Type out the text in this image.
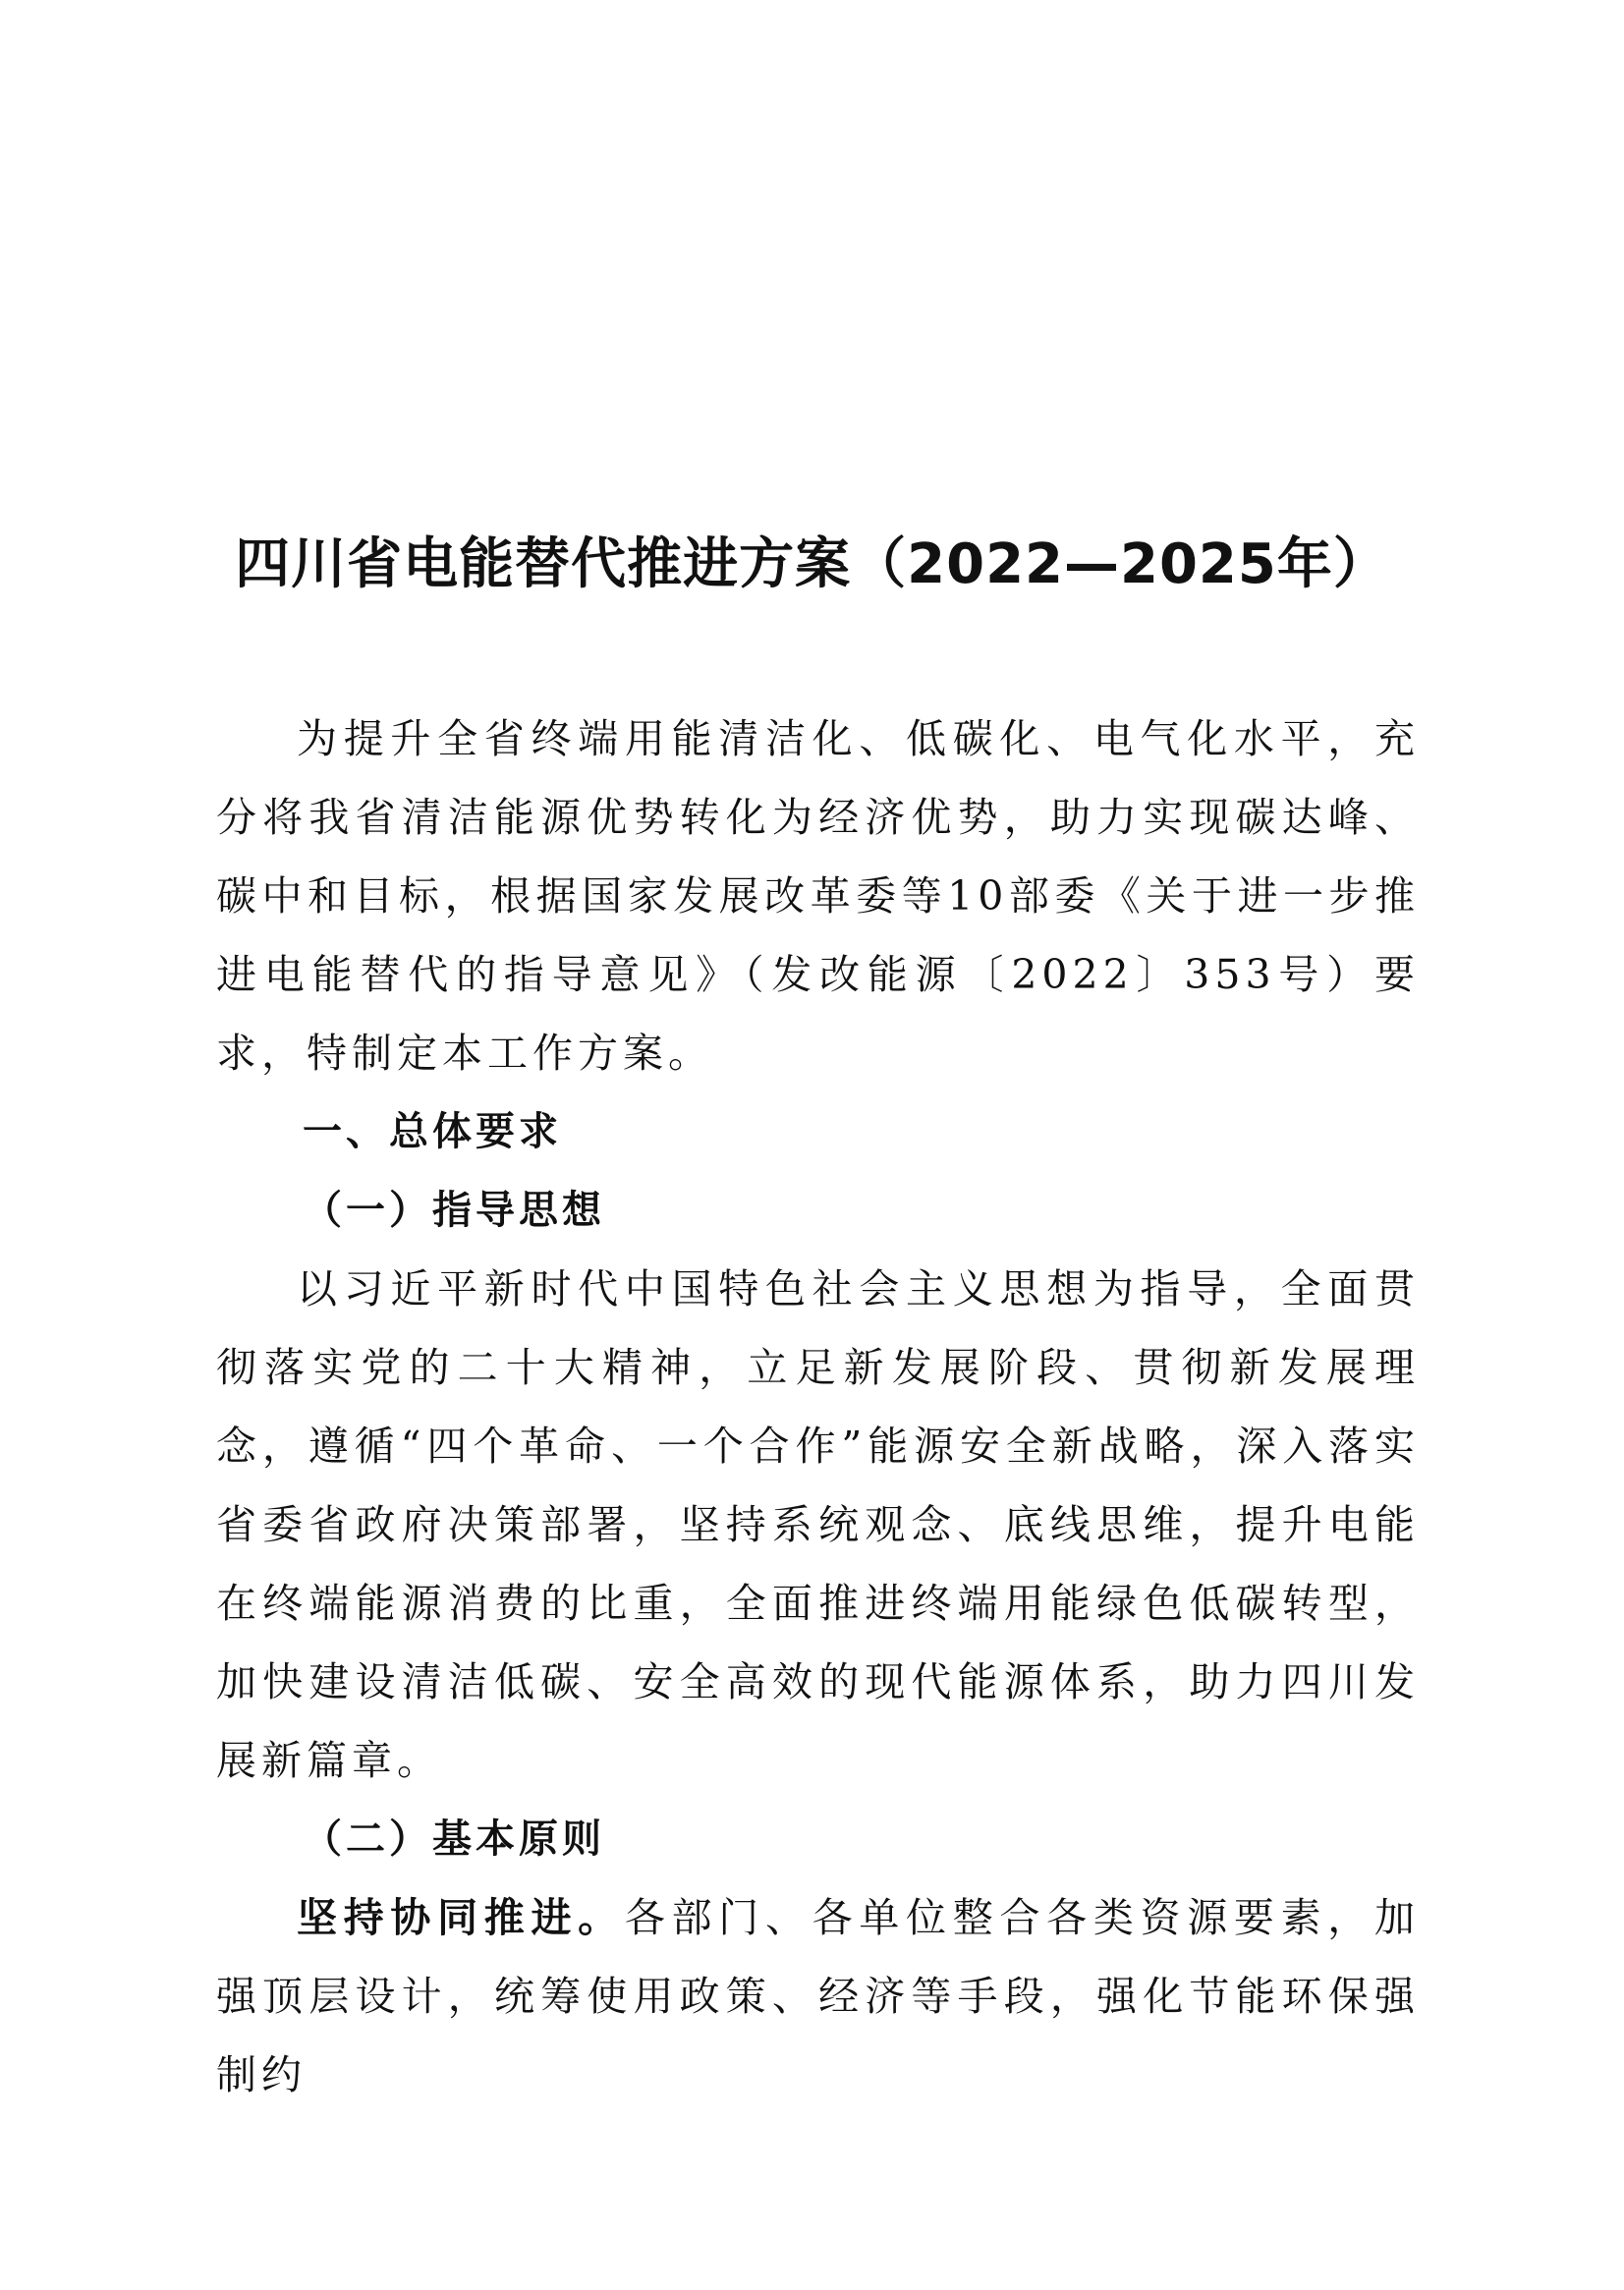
四川省电能替代推进方案（2022—2025年）

为提升全省终端用能清洁化、低碳化、电气化水平，充分将我省清洁能源优势转化为经济优势，助力实现碳达峰、碳中和目标，根据国家发展改革委等10部委《关于进一步推进电能替代的指导意见》（发改能源〔2022〕353号）要求，特制定本工作方案。

一、总体要求
（一）指导思想

以习近平新时代中国特色社会主义思想为指导，全面贯彻落实党的二十大精神，立足新发展阶段、贯彻新发展理念，遵循“四个革命、一个合作”能源安全新战略，深入落实省委省政府决策部署，坚持系统观念、底线思维，提升电能在终端能源消费的比重，全面推进终端用能绿色低碳转型，加快建设清洁低碳、安全高效的现代能源体系，助力四川发展新篇章。

（二）基本原则

坚持协同推进。各部门、各单位整合各类资源要素，加强顶层设计，统筹使用政策、经济等手段，强化节能环保强制约
